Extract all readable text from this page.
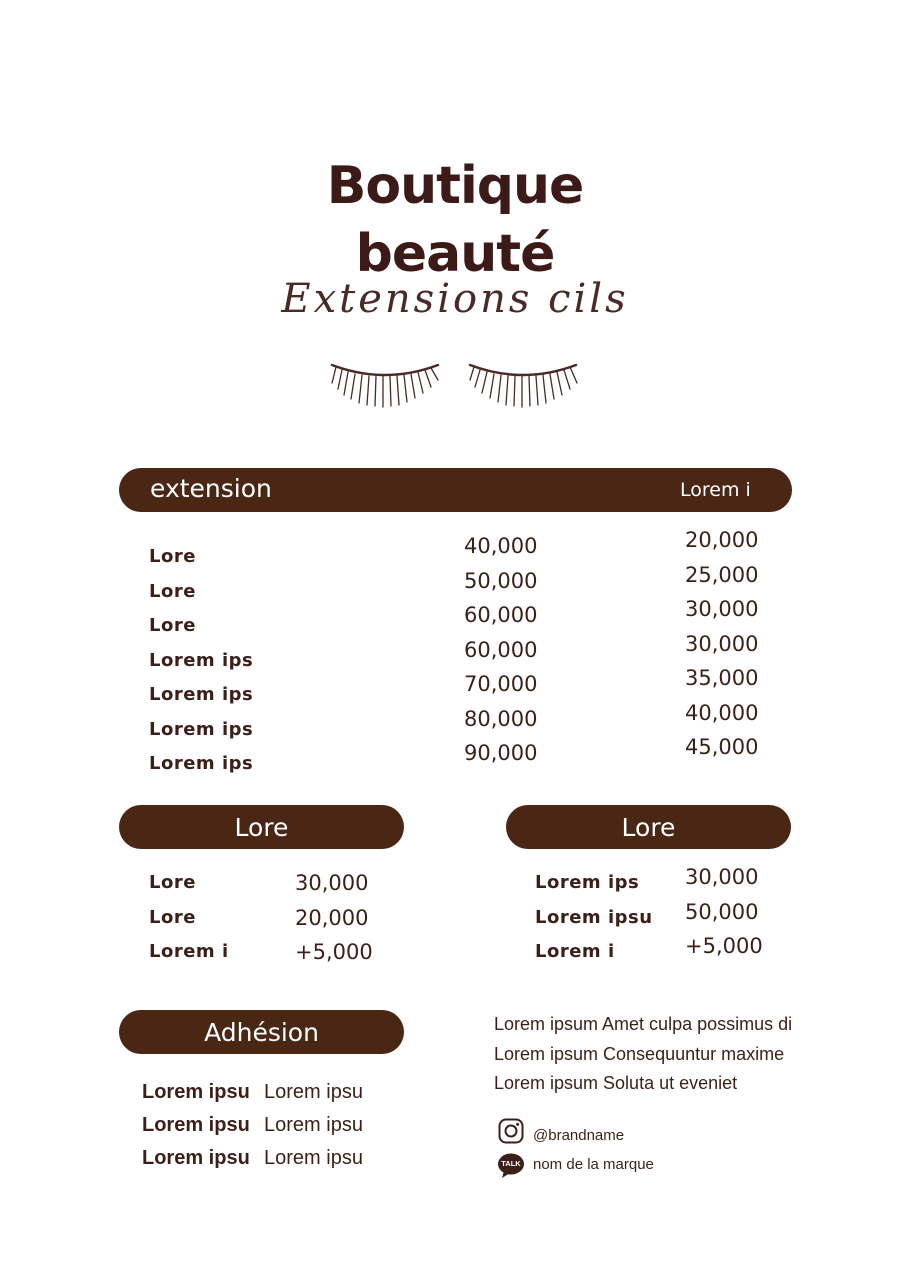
Boutique
beauté
Extensions cils
extension	Lorem i
Lore
Lore
Lore
Lorem ips
Lorem ips
Lorem ips
Lorem ips
40,000
50,000
60,000
60,000
70,000
80,000
90,000
20,000
25,000
30,000
30,000
35,000
40,000
45,000
Lore
Lore
Lore
Lorem i
30,000
20,000
+5,000
Lore
Lorem ips
Lorem ipsu
Lorem i
30,000
50,000
+5,000
Adhésion
Lorem ipsu
Lorem ipsu
Lorem ipsu
Lorem ipsu
Lorem ipsu
Lorem ipsu
Lorem ipsum Amet culpa possimus di
Lorem ipsum Consequuntur maxime
Lorem ipsum Soluta ut eveniet
@brandname
TALK nom de la marque
